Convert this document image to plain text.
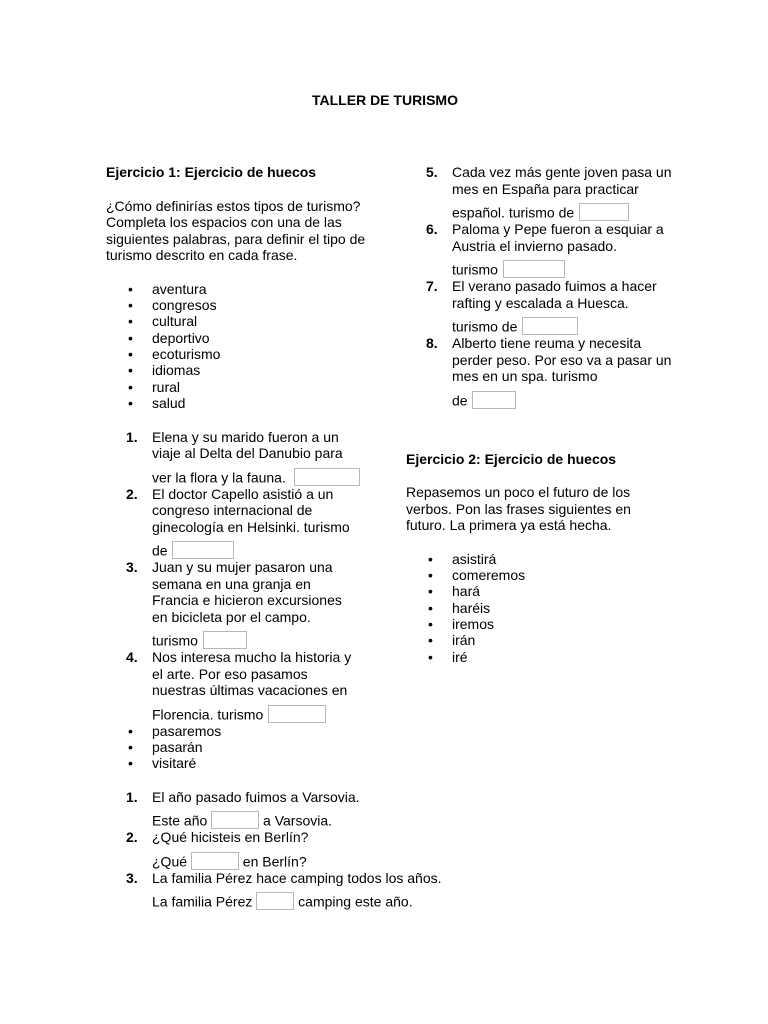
TALLER DE TURISMO
Ejercicio 1: Ejercicio de huecos

¿Cómo definirías estos tipos de turismo? Completa los espacios con una de las siguientes palabras, para definir el tipo de turismo descrito en cada frase.

• aventura
• congresos
• cultural
• deportivo
• ecoturismo
• idiomas
• rural
• salud
1. Elena y su marido fueron a un viaje al Delta del Danubio para
ver la flora y la fauna.
2. El doctor Capello asistió a un congreso internacional de ginecología en Helsinki. turismo
de
3. Juan y su mujer pasaron una semana en una granja en Francia e hicieron excursiones en bicicleta por el campo.
turismo
4. Nos interesa mucho la historia y el arte. Por eso pasamos nuestras últimas vacaciones en
Florencia. turismo
• pasaremos
• pasarán
• visitaré
1. El año pasado fuimos a Varsovia.
Este año	a Varsovia.
2. ¿Qué hicisteis en Berlín?
¿Qué	en Berlín?
3. La familia Pérez hace camping todos los años.
La familia Pérez	camping este año.
5. Cada vez más gente joven pasa un mes en España para practicar
español. turismo de
6. Paloma y Pepe fueron a esquiar a Austria el invierno pasado.
turismo
7. El verano pasado fuimos a hacer rafting y escalada a Huesca.
turismo de
8. Alberto tiene reuma y necesita perder peso. Por eso va a pasar un mes en un spa. turismo
de
Ejercicio 2: Ejercicio de huecos

Repasemos un poco el futuro de los verbos. Pon las frases siguientes en futuro. La primera ya está hecha.

• asistirá
• comeremos
• hará
• haréis
• iremos
• irán
• iré
